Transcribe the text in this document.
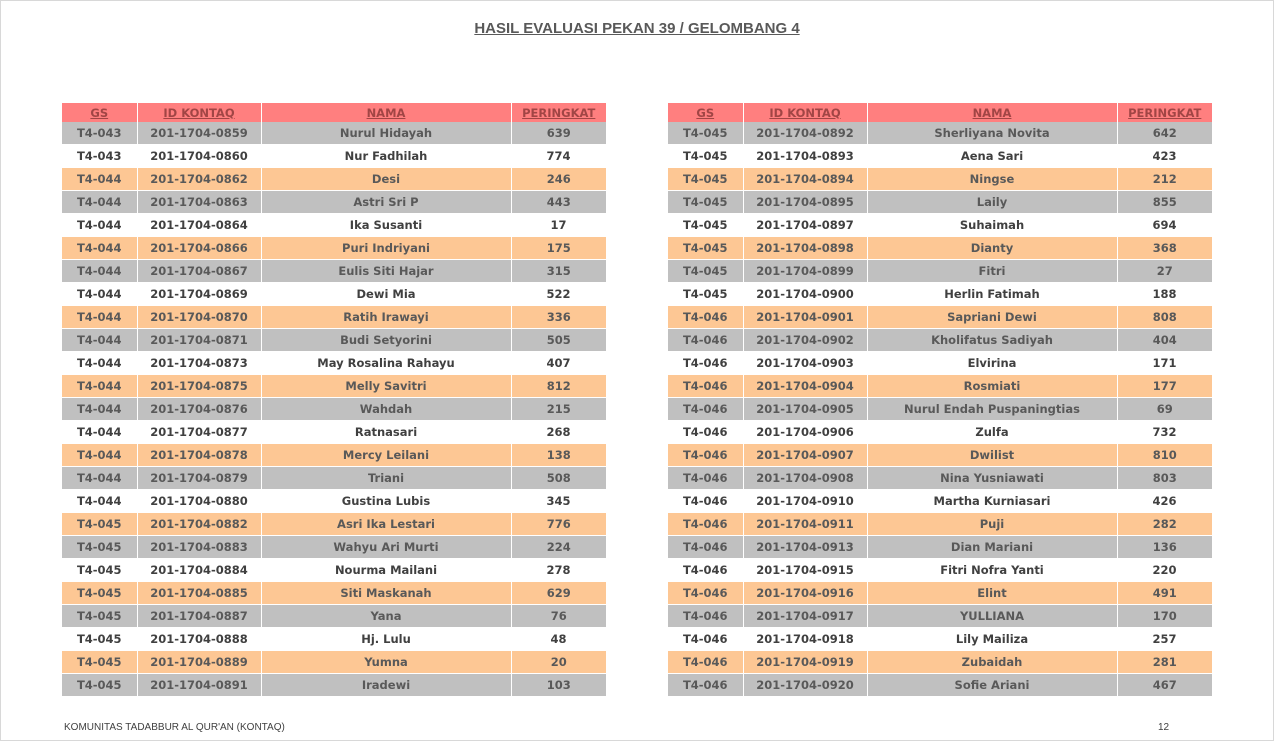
HASIL EVALUASI PEKAN 39 / GELOMBANG 4
GS	ID KONTAQ	NAMA	PERINGKAT
T4-043	201-1704-0859	Nurul Hidayah	639
T4-043	201-1704-0860	Nur Fadhilah	774
T4-044	201-1704-0862	Desi	246
T4-044	201-1704-0863	Astri Sri P	443
T4-044	201-1704-0864	Ika Susanti	17
T4-044	201-1704-0866	Puri Indriyani	175
T4-044	201-1704-0867	Eulis Siti Hajar	315
T4-044	201-1704-0869	Dewi Mia	522
T4-044	201-1704-0870	Ratih Irawayi	336
T4-044	201-1704-0871	Budi Setyorini	505
T4-044	201-1704-0873	May Rosalina Rahayu	407
T4-044	201-1704-0875	Melly Savitri	812
T4-044	201-1704-0876	Wahdah	215
T4-044	201-1704-0877	Ratnasari	268
T4-044	201-1704-0878	Mercy Leilani	138
T4-044	201-1704-0879	Triani	508
T4-044	201-1704-0880	Gustina Lubis	345
T4-045	201-1704-0882	Asri Ika Lestari	776
T4-045	201-1704-0883	Wahyu Ari Murti	224
T4-045	201-1704-0884	Nourma Mailani	278
T4-045	201-1704-0885	Siti Maskanah	629
T4-045	201-1704-0887	Yana	76
T4-045	201-1704-0888	Hj. Lulu	48
T4-045	201-1704-0889	Yumna	20
T4-045	201-1704-0891	Iradewi	103
GS	ID KONTAQ	NAMA	PERINGKAT
T4-045	201-1704-0892	Sherliyana Novita	642
T4-045	201-1704-0893	Aena Sari	423
T4-045	201-1704-0894	Ningse	212
T4-045	201-1704-0895	Laily	855
T4-045	201-1704-0897	Suhaimah	694
T4-045	201-1704-0898	Dianty	368
T4-045	201-1704-0899	Fitri	27
T4-045	201-1704-0900	Herlin Fatimah	188
T4-046	201-1704-0901	Sapriani Dewi	808
T4-046	201-1704-0902	Kholifatus Sadiyah	404
T4-046	201-1704-0903	Elvirina	171
T4-046	201-1704-0904	Rosmiati	177
T4-046	201-1704-0905	Nurul Endah Puspaningtias	69
T4-046	201-1704-0906	Zulfa	732
T4-046	201-1704-0907	Dwilist	810
T4-046	201-1704-0908	Nina Yusniawati	803
T4-046	201-1704-0910	Martha Kurniasari	426
T4-046	201-1704-0911	Puji	282
T4-046	201-1704-0913	Dian Mariani	136
T4-046	201-1704-0915	Fitri Nofra Yanti	220
T4-046	201-1704-0916	Elint	491
T4-046	201-1704-0917	YULLIANA	170
T4-046	201-1704-0918	Lily Mailiza	257
T4-046	201-1704-0919	Zubaidah	281
T4-046	201-1704-0920	Sofie Ariani	467
KOMUNITAS TADABBUR AL QUR'AN (KONTAQ)	12
